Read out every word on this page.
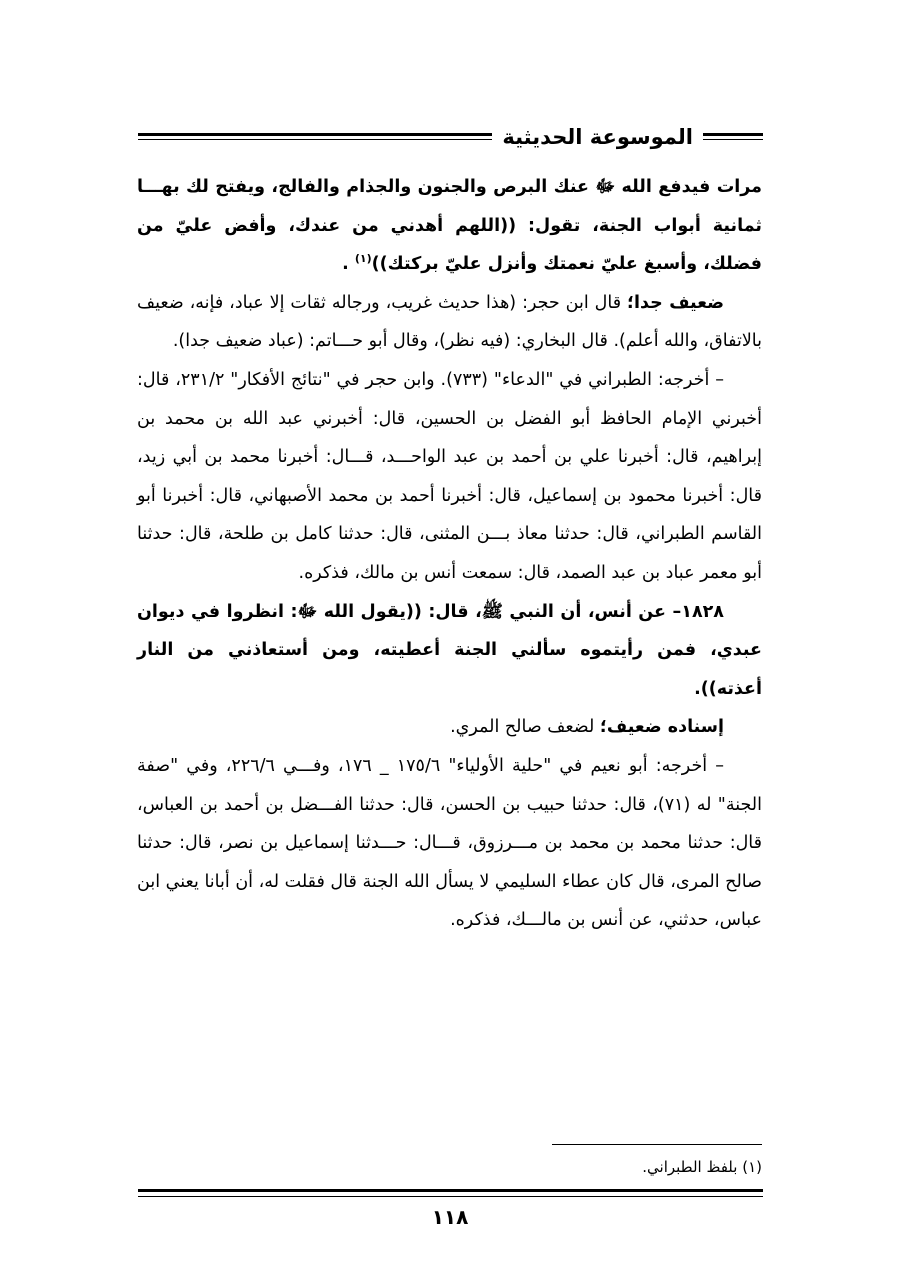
الموسوعة الحديثية

مرات فيدفع الله ﷻ عنك البرص والجنون والجذام والفالج، ويفتح لك بهـــا ثمانية أبواب الجنة، تقول: ((اللهم أهدني من عندك، وأفض عليّ من فضلك، وأسبغ عليّ نعمتك وأنزل عليّ بركتك))$^{(١)}$ .

ضعيف جدا؛ قال ابن حجر: (هذا حديث غريب، ورجاله ثقات إلا عباد، فإنه، ضعيف بالاتفاق، والله أعلم). قال البخاري: (فيه نظر)، وقال أبو حـــاتم: (عباد ضعيف جدا).

– أخرجه: الطبراني في "الدعاء" (٧٣٣). وابن حجر في "نتائج الأفكار" ٢٣١/٢، قال: أخبرني الإمام الحافظ أبو الفضل بن الحسين، قال: أخبرني عبد الله بن محمد بن إبراهيم، قال: أخبرنا علي بن أحمد بن عبد الواحـــد، قـــال: أخبرنا محمد بن أبي زيد، قال: أخبرنا محمود بن إسماعيل، قال: أخبرنا أحمد بن محمد الأصبهاني، قال: أخبرنا أبو القاسم الطبراني، قال: حدثنا معاذ بـــن المثنى، قال: حدثنا كامل بن طلحة، قال: حدثنا أبو معمر عباد بن عبد الصمد، قال: سمعت أنس بن مالك، فذكره.

١٨٢٨– عن أنس، أن النبي ﷺ، قال: ((يقول الله ﷻ: انظروا في ديوان عبدي، فمن رأيتموه سألني الجنة أعطيته، ومن أستعاذني من النار أعذته)).

إسناده ضعيف؛ لضعف صالح المري.

– أخرجه: أبو نعيم في "حلية الأولياء" ١٧٥/٦ _ ١٧٦، وفـــي ٢٢٦/٦، وفي "صفة الجنة" له (٧١)، قال: حدثنا حبيب بن الحسن، قال: حدثنا الفـــضل بن أحمد بن العباس، قال: حدثنا محمد بن محمد بن مـــرزوق، قـــال: حـــدثنا إسماعيل بن نصر، قال: حدثنا صالح المرى، قال كان عطاء السليمي لا يسأل الله الجنة قال فقلت له، أن أبانا يعني ابن عباس، حدثني، عن أنس بن مالـــك، فذكره.

(١) بلفظ الطبراني.
١١٨
